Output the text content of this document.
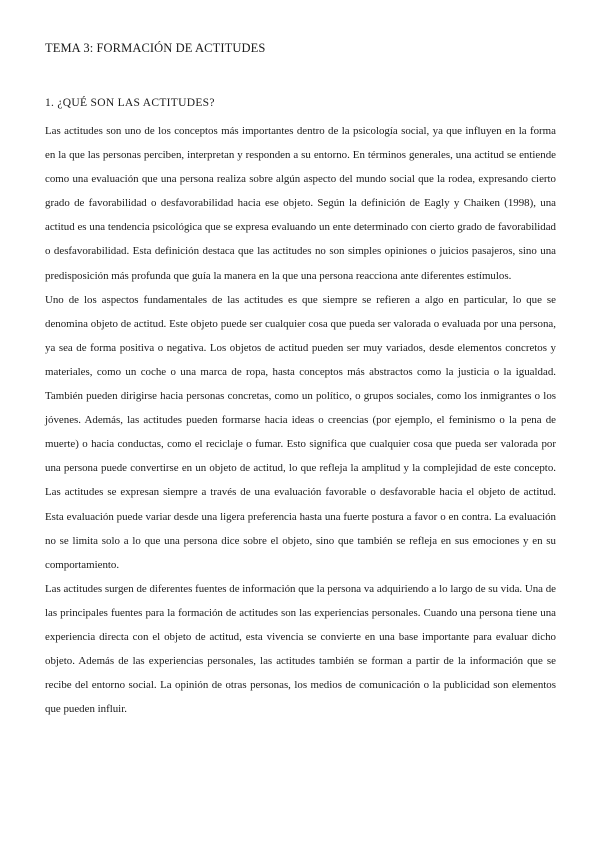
TEMA 3: FORMACIÓN DE ACTITUDES
1. ¿QUÉ SON LAS ACTITUDES?

Las actitudes son uno de los conceptos más importantes dentro de la psicología social, ya que influyen en la forma en la que las personas perciben, interpretan y responden a su entorno. En términos generales, una actitud se entiende como una evaluación que una persona realiza sobre algún aspecto del mundo social que la rodea, expresando cierto grado de favorabilidad o desfavorabilidad hacia ese objeto. Según la definición de Eagly y Chaiken (1998), una actitud es una tendencia psicológica que se expresa evaluando un ente determinado con cierto grado de favorabilidad o desfavorabilidad. Esta definición destaca que las actitudes no son simples opiniones o juicios pasajeros, sino una predisposición más profunda que guía la manera en la que una persona reacciona ante diferentes estímulos.

Uno de los aspectos fundamentales de las actitudes es que siempre se refieren a algo en particular, lo que se denomina objeto de actitud. Este objeto puede ser cualquier cosa que pueda ser valorada o evaluada por una persona, ya sea de forma positiva o negativa. Los objetos de actitud pueden ser muy variados, desde elementos concretos y materiales, como un coche o una marca de ropa, hasta conceptos más abstractos como la justicia o la igualdad. También pueden dirigirse hacia personas concretas, como un político, o grupos sociales, como los inmigrantes o los jóvenes. Además, las actitudes pueden formarse hacia ideas o creencias (por ejemplo, el feminismo o la pena de muerte) o hacia conductas, como el reciclaje o fumar. Esto significa que cualquier cosa que pueda ser valorada por una persona puede convertirse en un objeto de actitud, lo que refleja la amplitud y la complejidad de este concepto. Las actitudes se expresan siempre a través de una evaluación favorable o desfavorable hacia el objeto de actitud. Esta evaluación puede variar desde una ligera preferencia hasta una fuerte postura a favor o en contra. La evaluación no se limita solo a lo que una persona dice sobre el objeto, sino que también se refleja en sus emociones y en su comportamiento.

Las actitudes surgen de diferentes fuentes de información que la persona va adquiriendo a lo largo de su vida. Una de las principales fuentes para la formación de actitudes son las experiencias personales. Cuando una persona tiene una experiencia directa con el objeto de actitud, esta vivencia se convierte en una base importante para evaluar dicho objeto. Además de las experiencias personales, las actitudes también se forman a partir de la información que se recibe del entorno social. La opinión de otras personas, los medios de comunicación o la publicidad son elementos que pueden influir.
